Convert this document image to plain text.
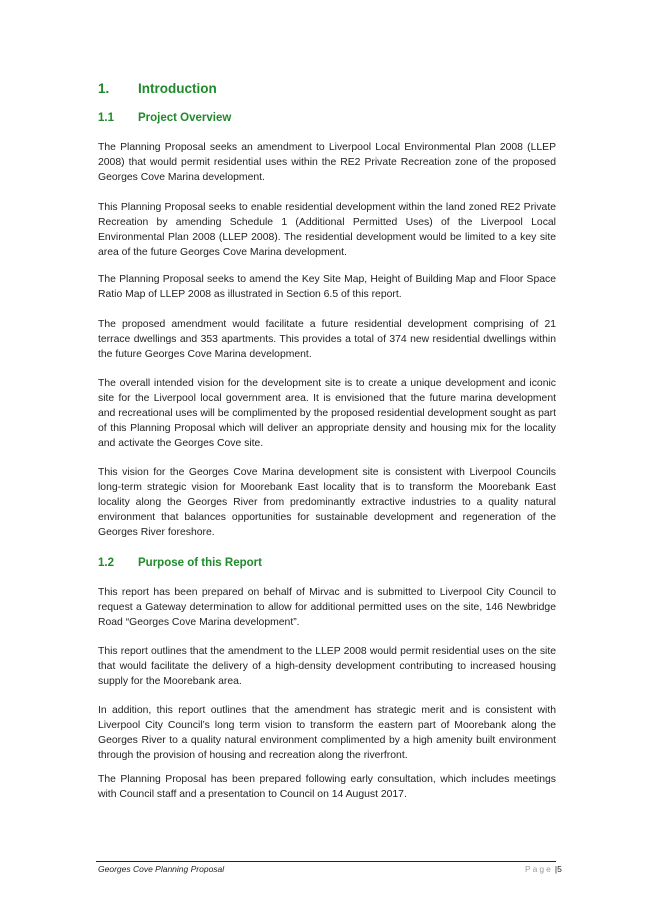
1. Introduction
1.1 Project Overview

The Planning Proposal seeks an amendment to Liverpool Local Environmental Plan 2008 (LLEP 2008) that would permit residential uses within the RE2 Private Recreation zone of the proposed Georges Cove Marina development.

This Planning Proposal seeks to enable residential development within the land zoned RE2 Private Recreation by amending Schedule 1 (Additional Permitted Uses) of the Liverpool Local Environmental Plan 2008 (LLEP 2008). The residential development would be limited to a key site area of the future Georges Cove Marina development.

The Planning Proposal seeks to amend the Key Site Map, Height of Building Map and Floor Space Ratio Map of LLEP 2008 as illustrated in Section 6.5 of this report.

The proposed amendment would facilitate a future residential development comprising of 21 terrace dwellings and 353 apartments. This provides a total of 374 new residential dwellings within the future Georges Cove Marina development.

The overall intended vision for the development site is to create a unique development and iconic site for the Liverpool local government area. It is envisioned that the future marina development and recreational uses will be complimented by the proposed residential development sought as part of this Planning Proposal which will deliver an appropriate density and housing mix for the locality and activate the Georges Cove site.

This vision for the Georges Cove Marina development site is consistent with Liverpool Councils long-term strategic vision for Moorebank East locality that is to transform the Moorebank East locality along the Georges River from predominantly extractive industries to a quality natural environment that balances opportunities for sustainable development and regeneration of the Georges River foreshore.

1.2 Purpose of this Report

This report has been prepared on behalf of Mirvac and is submitted to Liverpool City Council to request a Gateway determination to allow for additional permitted uses on the site, 146 Newbridge Road “Georges Cove Marina development”.

This report outlines that the amendment to the LLEP 2008 would permit residential uses on the site that would facilitate the delivery of a high-density development contributing to increased housing supply for the Moorebank area.

In addition, this report outlines that the amendment has strategic merit and is consistent with Liverpool City Council’s long term vision to transform the eastern part of Moorebank along the Georges River to a quality natural environment complimented by a high amenity built environment through the provision of housing and recreation along the riverfront.

The Planning Proposal has been prepared following early consultation, which includes meetings with Council staff and a presentation to Council on 14 August 2017.

Georges Cove Planning Proposal	Page |5
